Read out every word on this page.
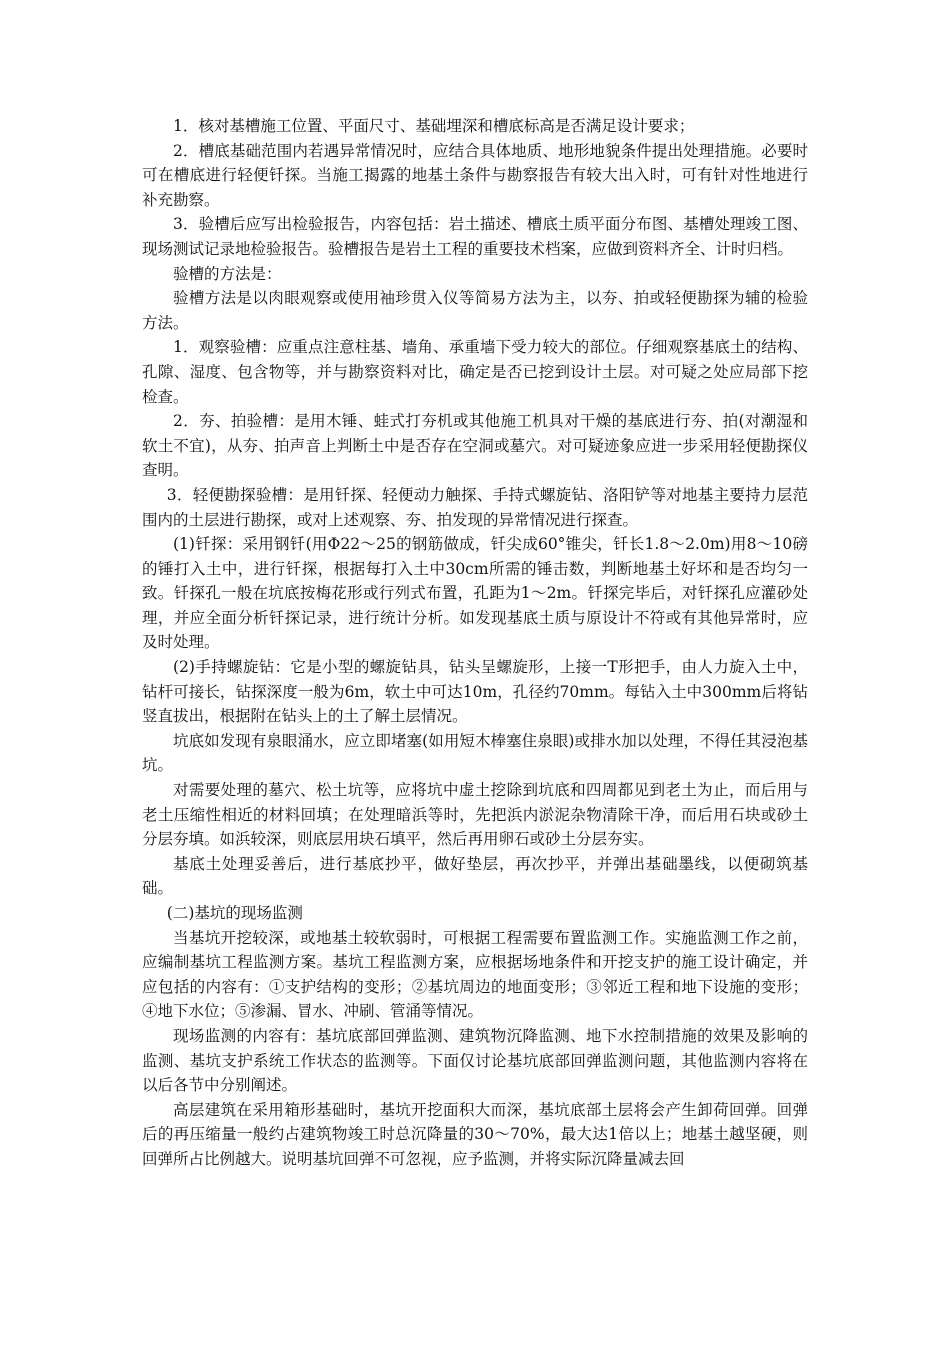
1．核对基槽施工位置、平面尺寸、基础埋深和槽底标高是否满足设计要求；

2．槽底基础范围内若遇异常情况时，应结合具体地质、地形地貌条件提出处理措施。必要时可在槽底进行轻便钎探。当施工揭露的地基土条件与勘察报告有较大出入时，可有针对性地进行补充勘察。

3．验槽后应写出检验报告，内容包括：岩土描述、槽底土质平面分布图、基槽处理竣工图、现场测试记录地检验报告。验槽报告是岩土工程的重要技术档案，应做到资料齐全、计时归档。

验槽的方法是：

验槽方法是以肉眼观察或使用袖珍贯入仪等简易方法为主，以夯、拍或轻便勘探为辅的检验方法。

1．观察验槽：应重点注意柱基、墙角、承重墙下受力较大的部位。仔细观察基底土的结构、孔隙、湿度、包含物等，并与勘察资料对比，确定是否已挖到设计土层。对可疑之处应局部下挖检查。

2．夯、拍验槽：是用木锤、蛙式打夯机或其他施工机具对干燥的基底进行夯、拍(对潮湿和软土不宜)，从夯、拍声音上判断土中是否存在空洞或墓穴。对可疑迹象应进一步采用轻便勘探仪查明。

3．轻便勘探验槽：是用钎探、轻便动力触探、手持式螺旋钻、洛阳铲等对地基主要持力层范围内的土层进行勘探，或对上述观察、夯、拍发现的异常情况进行探查。

(1)钎探：采用钢钎(用Φ22～25的钢筋做成，钎尖成60°锥尖，钎长1.8～2.0m)用8～10磅的锤打入土中，进行钎探，根据每打入土中30cm所需的锤击数，判断地基土好坏和是否均匀一致。钎探孔一般在坑底按梅花形或行列式布置，孔距为1～2m。钎探完毕后，对钎探孔应灌砂处理，并应全面分析钎探记录，进行统计分析。如发现基底土质与原设计不符或有其他异常时，应及时处理。

(2)手持螺旋钻：它是小型的螺旋钻具，钻头呈螺旋形，上接一T形把手，由人力旋入土中，钻杆可接长，钻探深度一般为6m，软土中可达10m，孔径约70mm。每钻入土中300mm后将钻竖直拔出，根据附在钻头上的土了解土层情况。

坑底如发现有泉眼涌水，应立即堵塞(如用短木棒塞住泉眼)或排水加以处理，不得任其浸泡基坑。

对需要处理的墓穴、松土坑等，应将坑中虚土挖除到坑底和四周都见到老土为止，而后用与老土压缩性相近的材料回填；在处理暗浜等时，先把浜内淤泥杂物清除干净，而后用石块或砂土分层夯填。如浜较深，则底层用块石填平，然后再用卵石或砂土分层夯实。

基底土处理妥善后，进行基底抄平，做好垫层，再次抄平，并弹出基础墨线，以便砌筑基础。

(二)基坑的现场监测

当基坑开挖较深，或地基土较软弱时，可根据工程需要布置监测工作。实施监测工作之前，应编制基坑工程监测方案。基坑工程监测方案，应根据场地条件和开挖支护的施工设计确定，并应包括的内容有：①支护结构的变形；②基坑周边的地面变形；③邻近工程和地下设施的变形；④地下水位；⑤渗漏、冒水、冲刷、管涌等情况。

现场监测的内容有：基坑底部回弹监测、建筑物沉降监测、地下水控制措施的效果及影响的监测、基坑支护系统工作状态的监测等。下面仅讨论基坑底部回弹监测问题，其他监测内容将在以后各节中分别阐述。

高层建筑在采用箱形基础时，基坑开挖面积大而深，基坑底部土层将会产生卸荷回弹。回弹后的再压缩量一般约占建筑物竣工时总沉降量的30～70%，最大达1倍以上；地基土越坚硬，则回弹所占比例越大。说明基坑回弹不可忽视，应予监测，并将实际沉降量减去回
